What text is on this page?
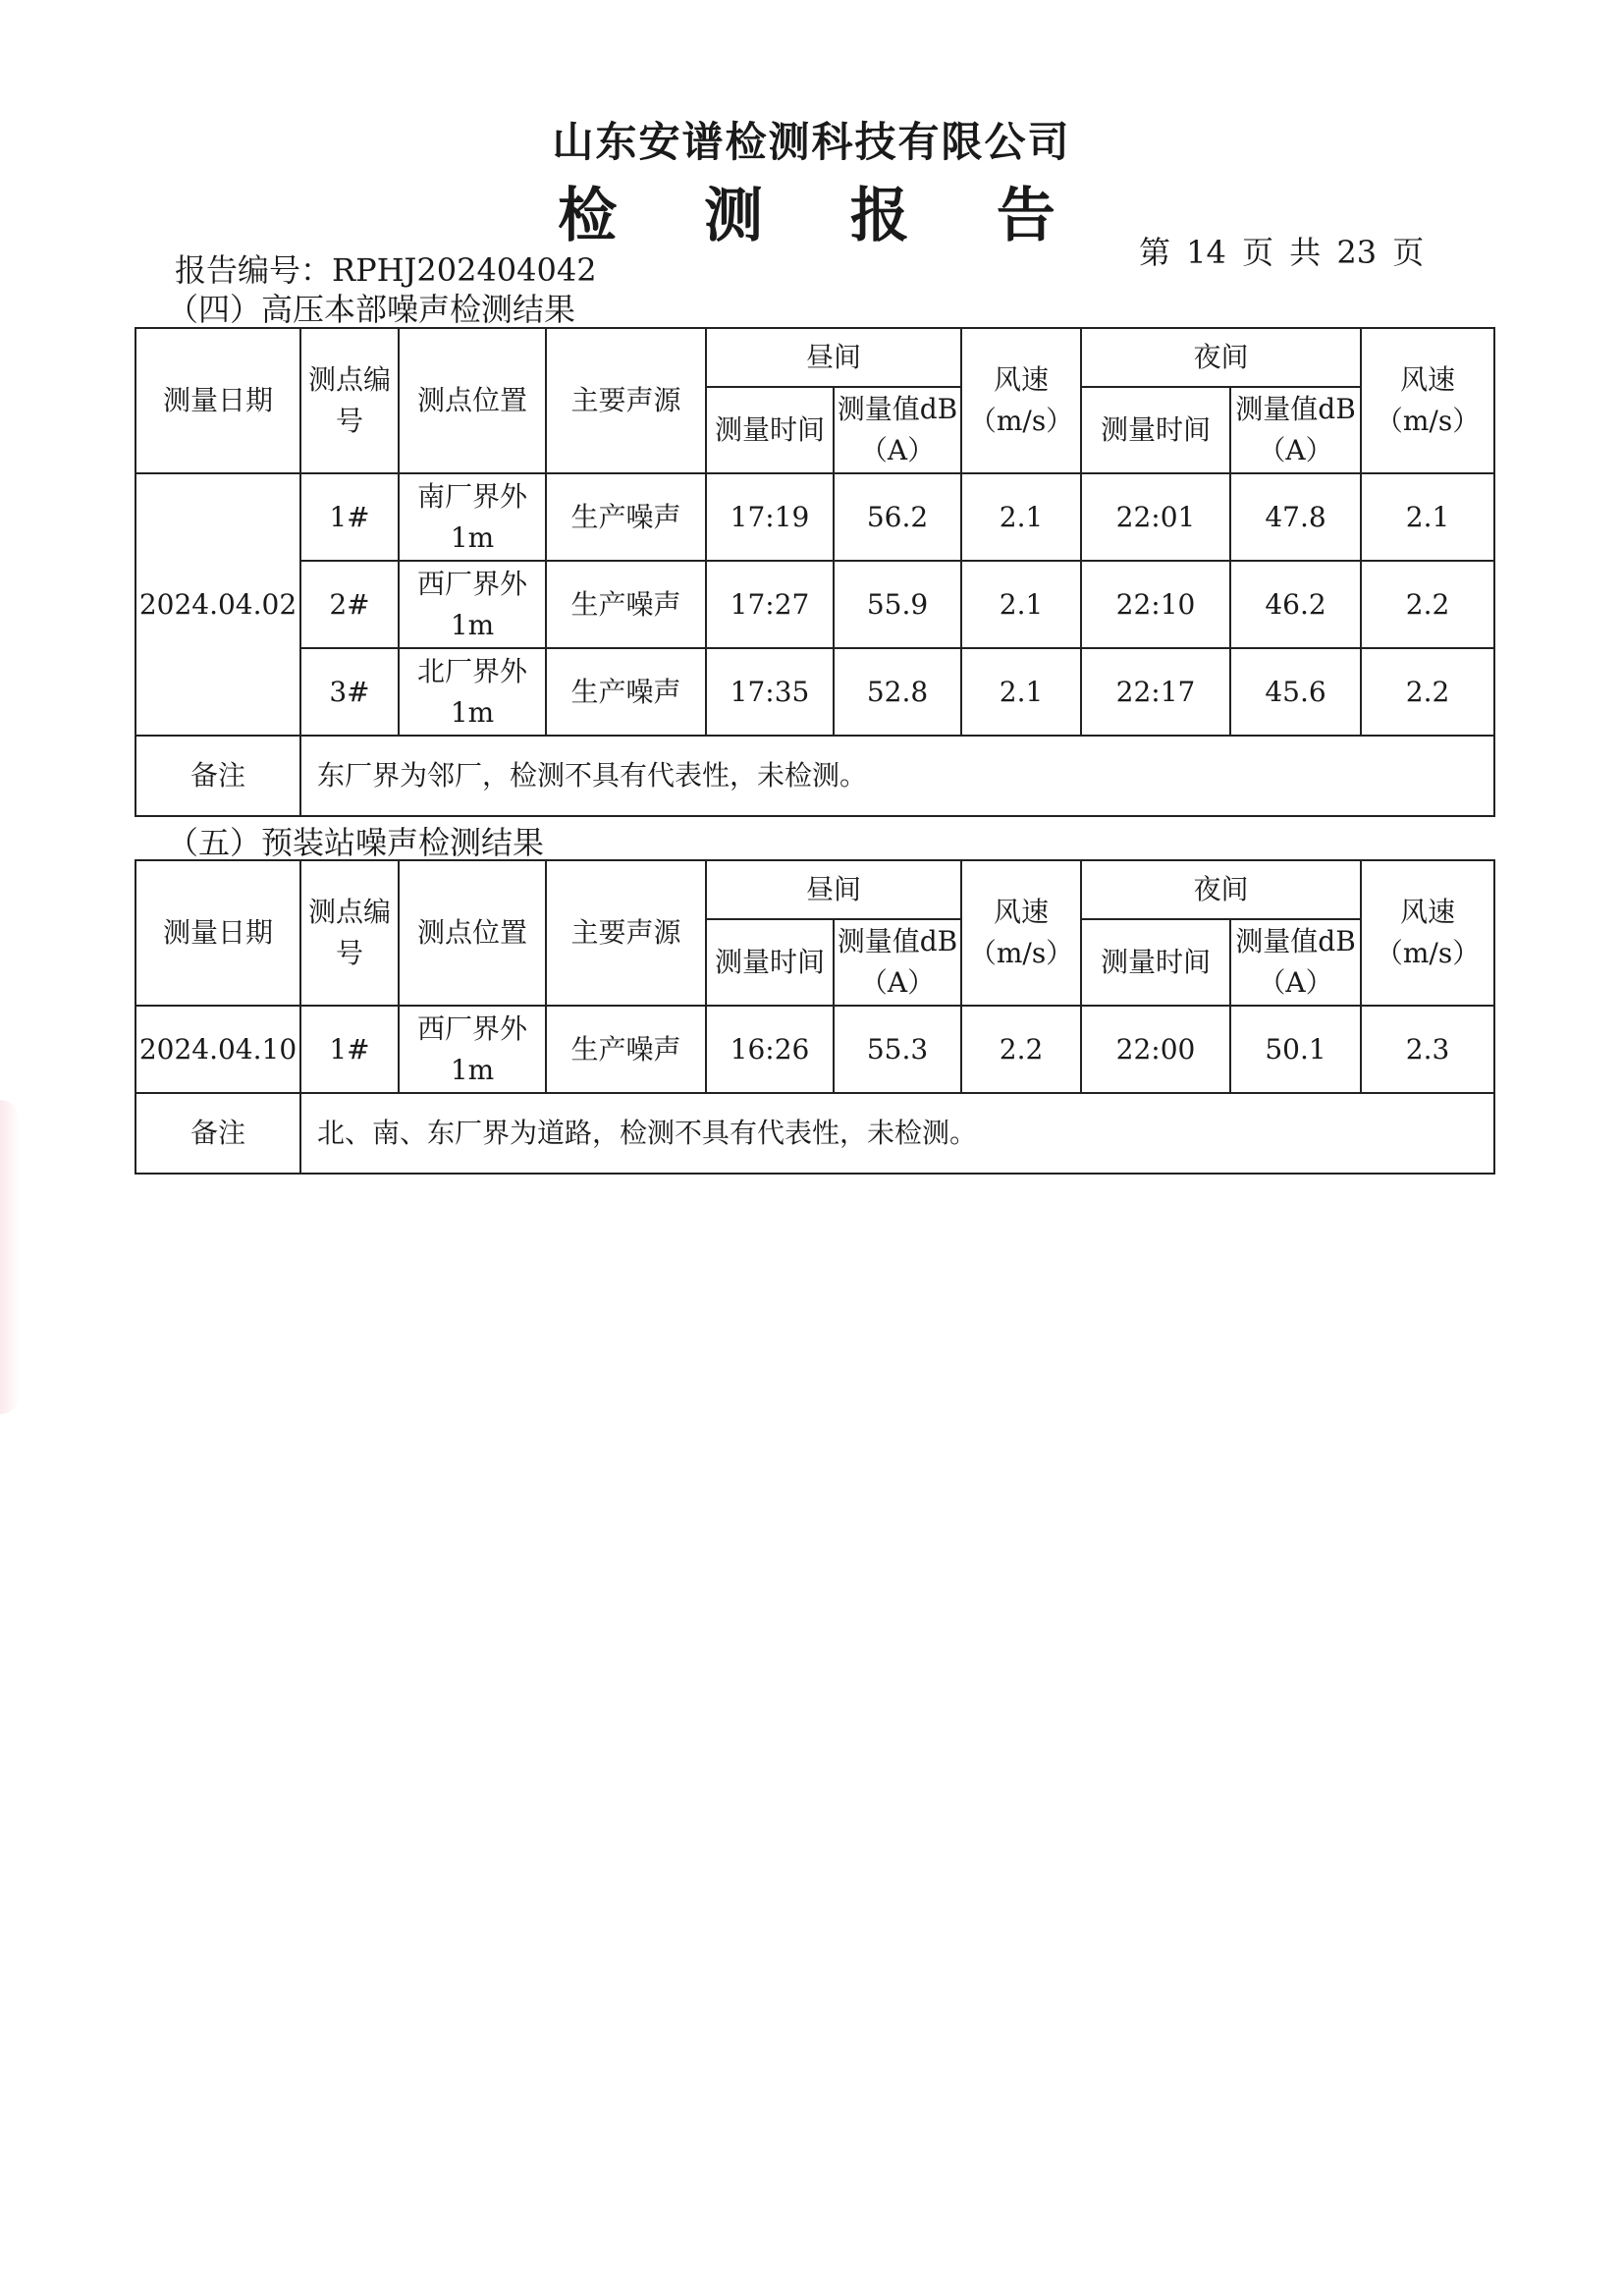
山东安谱检测科技有限公司
检 测 报 告
第 14 页 共 23 页
报告编号：RPHJ202404042
（四）高压本部噪声检测结果
测量日期	测点编号	测点位置	主要声源	昼间		风速（m/s）	夜间		风速（m/s）
				测量时间	测量值dB（A）		测量时间	测量值dB（A）	
2024.04.02	1#	南厂界外1m	生产噪声	17:19	56.2	2.1	22:01	47.8	2.1
	2#	西厂界外1m	生产噪声	17:27	55.9	2.1	22:10	46.2	2.2
	3#	北厂界外1m	生产噪声	17:35	52.8	2.1	22:17	45.6	2.2
备注	东厂界为邻厂，检测不具有代表性，未检测。								
（五）预装站噪声检测结果
测量日期	测点编号	测点位置	主要声源	昼间		风速（m/s）	夜间		风速（m/s）
				测量时间	测量值dB（A）		测量时间	测量值dB（A）	
2024.04.10	1#	西厂界外1m	生产噪声	16:26	55.3	2.2	22:00	50.1	2.3
备注	北、南、东厂界为道路，检测不具有代表性，未检测。								
